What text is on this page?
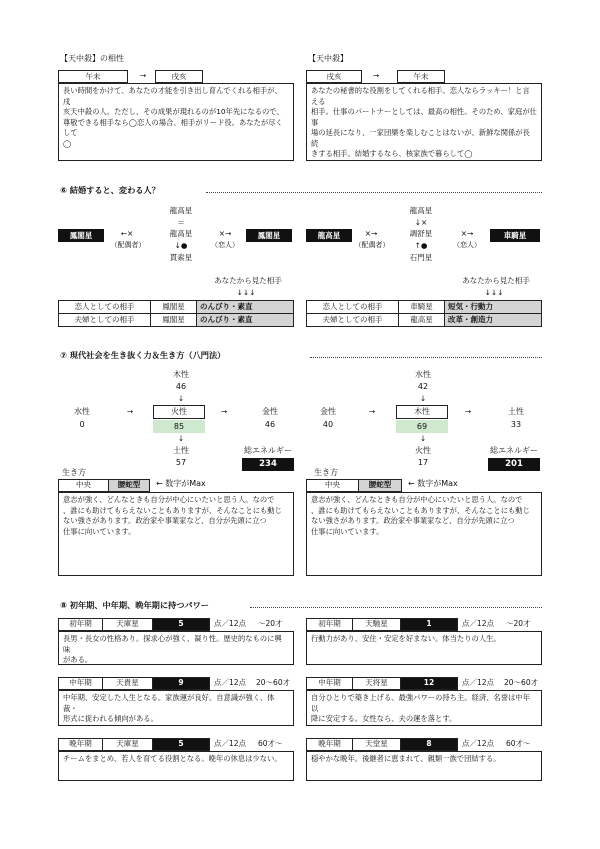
【天中殺】の相性
午未	→	戌亥
長い時間をかけて、あなたの才能を引き出し育んでくれる相手が、戌
亥天中殺の人。ただし、その成果が現れるのが10年先になるので、
尊敬できる相手なら◯恋人の場合、相手がリード役。あなたが尽くして
◯
【天中殺】
戌亥	→	午未
あなたの秘書的な役割をしてくれる相手。恋人ならラッキー！と言える
相手。仕事のパートナーとしては、最高の相性。そのため、家庭が仕事
場の延長になり、一家団欒を楽しむことはないが、新鮮な関係が長続
きする相手。結婚するなら、核家族で暮らして◯
⑥ 結婚すると、変わる人？
龍高星
＝
鳳閣星	←×
（配偶者）
龍高星
↓●
貫索星
×→
（恋人）
鳳閣星
龍高星
↓×
龍高星	×→
（配偶者）
調舒星
↑●
石門星
×→
（恋人）
車騎星
あなたから見た相手
↓↓↓
あなたから見た相手
↓↓↓
恋人としての相手	鳳閣星	のんびり・素直
夫婦としての相手	鳳閣星	のんびり・素直
恋人としての相手	車騎星	短気・行動力
夫婦としての相手	龍高星	改革・創造力
⑦ 現代社会を生き抜く力＆生き方（八門法）
木性
46
↓
水性
0
→	火性
85
→	金性
46
↓
土性
57
総エネルギー
234
水性
42
↓
金性
40
→	木性
69
→	土性
33
↓
火性
17
総エネルギー
201
生き方
中央	腰蛇型	← 数字がMax
意志が強く、どんなときも自分が中心にいたいと思う人。なので
、誰にも助けてもらえないこともありますが、そんなことにも動じ
ない強さがあります。政治家や事業家など、自分が先頭に立つ
仕事に向いています。
生き方
中央	腰蛇型	← 数字がMax
意志が強く、どんなときも自分が中心にいたいと思う人。なので
、誰にも助けてもらえないこともありますが、そんなことにも動じ
ない強さがあります。政治家や事業家など、自分が先頭に立つ
仕事に向いています。
⑧ 初年期、中年期、晩年期に持つパワー
初年期	天庫星	5	点／12点 〜20才
長男・長女の性格あり。探求心が強く、凝り性。歴史的なものに興味
がある。
中年期	天貴星	9	点／12点 20〜60才
中年期、安定した人生となる。家族運が良好。自意識が強く、体裁・
形式に捉われる傾向がある。
晩年期	天庫星	5	点／12点 60才〜
チームをまとめ、若人を育てる役割となる。晩年の休息は少ない。
初年期	天馳星	1	点／12点 〜20才
行動力があり、安住・安定を好まない。体当たりの人生。
中年期	天将星	12	点／12点 20〜60才
自分ひとりで築き上げる、最強パワーの持ち主。経済、名誉は中年以
降に安定する。女性なら、夫の運を落とす。
晩年期	天堂星	8	点／12点 60才〜
穏やかな晩年。後継者に恵まれて、親類一族で団結する。
